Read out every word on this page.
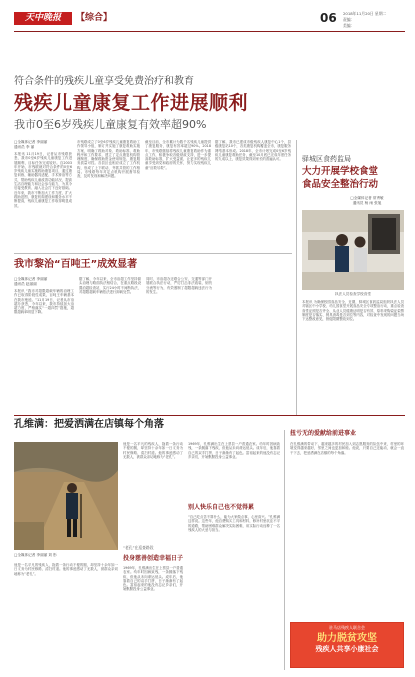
天中晚报	【综合】	06 2018年11月20日 星期二
责编：
美编：
符合条件的残疾儿童享受免费治疗和教育
残疾儿童康复工作进展顺利
我市0至6岁残疾儿童康复有效率超90%
□全媒体记者 李丽丽
通讯员 李 丽
本报讯 11月19日，记者从市残联获悉，我市0至6岁残疾儿童康复工作进展顺利，目标任务完成较好。自2003年开始，市残联就对符合条件的0至6岁残疾儿童实施救助康复项目，通过康复训练、辅助器具适配、手术矫治等方式，帮助残疾儿童改善功能状况，提高生活自理能力和社会参与能力，为其今后接受教育、融入社会打下良好基础。近年来，我市不断加大工作力度，扩大救助范围，康复机构建设和服务水平不断提高，残疾儿童康复工作取得明显成效。
市残联成立了0至6岁残疾儿童康复救助工作领导小组，制订并实施了康复救助实施方案，明确了救助对象、救助标准、救助程序和工作要求，建立了定点康复机构管理制度，确保救助资金使用规范、康复服务质量可控。各县区也相应成立了工作机构，形成了上下联动、齐抓共管的工作格局。市残联每年对定点机构开展督导检查，及时发现和解决问题。
截至目前，全市累计为数千名残疾儿童提供了康复服务，康复有效率超过90%。2018年，市残联继续将残疾儿童康复救助作为重点工作，积极争取各级财政支持，进一步提高救助标准，扩大受益面，让更多的残疾儿童享受到党和政府的关怀，努力实现残疾儿童“应救尽救”。
据了解，我市已建成市级残疾人康复中心1个，县级康复站10个，各类康复机构覆盖全市，康复服务网络基本形成。2018年，全市计划完成0至6岁残疾儿童康复救助任务，截至10月底已完成年度任务的九成以上，康复效果得到家长的普遍认可。	驿城区食药监局
大力开展学校食堂
食品安全整治行动
□全媒体记者 常秀敏
通讯员 杨 雨 张旭
执法人员检查学校食堂
本报讯 为确保校园食品安全，近期，驿城区食药监局组织执法人员对辖区中小学校、幼儿园食堂开展食品安全专项整治行动，重点检查食堂证照是否齐全、从业人员健康证明是否有效、原料采购索证索票制度是否落实、餐具消毒是否到位等内容，对检查中发现的问题当场下达整改意见，督促限期整改到位。
我市黎治“百吨王”成效显著
□全媒体记者 李丽丽
通讯员 赵丽丽
本报讯 “我市对超限超载车辆的治理工作已取得阶段性成果，百吨王车辆基本在我市绝迹。”11月19日，记者从市治超办获悉，今年以来，我市持续加大治超力度，严格落实“一超四罚”措施，超限超载率明显下降。
据了解，今年以来，全市治超工作坚持源头治理与路面执法相结合，在重点路段设置治超检查站，实行24小时不间断执法，对超限超载车辆依法进行卸载处罚。
同时，市治超办还联合公安、交通等部门开展联合执法行动，严厉打击非法改装、倒货分流等行为，有效遏制了超限超载违法行为的发生。
孔维满：把爱洒满在店镇每个角落
□全媒体记者 李丽丽 刘 彤
他是一名平凡的残疾人，拖着一条行动不便的腿，却坚持十余年如一日义务为村民修路、清扫村道。他的事迹感动了无数人，被群众亲切地称为“老孔”。
他是一名平凡的残疾人，拖着一条行动不便的腿，却坚持十余年如一日义务为村民修路、清扫村道。他的事迹感动了无数人，被群众亲切地称为“老孔”。
“老孔”在巡查路段
投身慈善创造幸福日子
1969年，孔维满出生在上蔡县一户普通农家。幼年时因病致残，一条腿落下残疾，但他从未向命运低头。成年后，他靠着自己的双手打拼，日子渐渐有了起色。富裕起来的他没有忘记乡亲们，开始默默投身公益事业。
1969年，孔维满出生在上蔡县一户普通农家。幼年时因病致残，一条腿落下残疾，但他从未向命运低头。成年后，他靠着自己的双手打拼，日子渐渐有了起色。富裕起来的他没有忘记乡亲们，开始默默投身公益事业。
别人快乐自己也不觉得累
“自己吃点苦不算什么，能为大家做点事，心里高兴。”孔维满这样说。这些年，他自费购买工具和材料，修补村里坑洼不平的道路，帮助困难群众解决实际困难，用实际行动诠释了一名残疾人的大爱与担当。
扭亏无的爱献给前进事业
在孔维满的带动下，越来越多的村民加入到志愿服务的队伍中来，村里的环境变得越来越好，邻里之间也更加和睦。他说，只要自己还能动，就会一直干下去，把爱洒满在店镇的每个角落。
驻马店残疾人联合会
助力脱贫攻坚
残疾人共享小康社会
